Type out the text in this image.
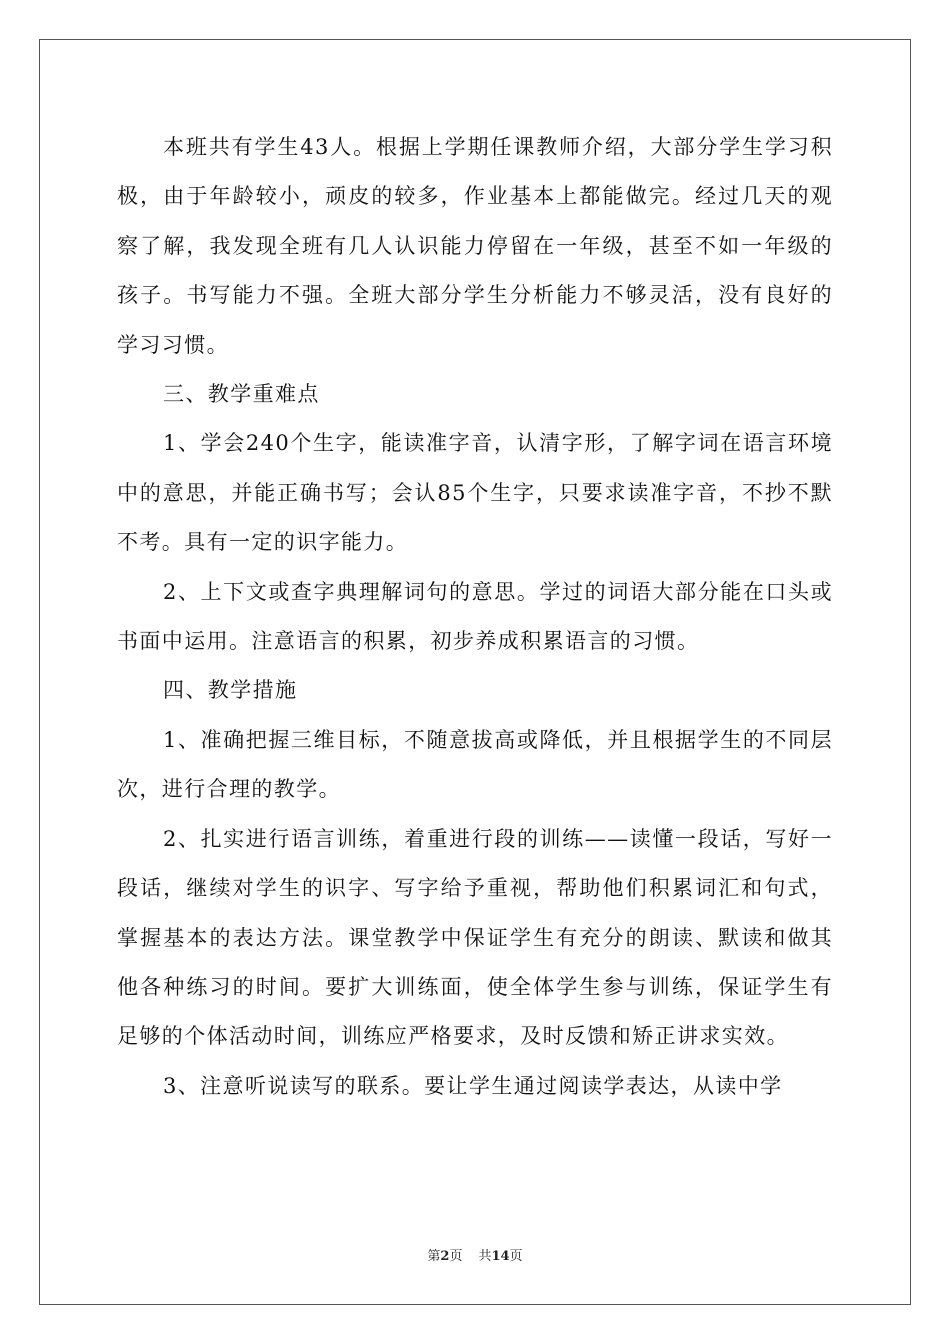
本班共有学生43人。根据上学期任课教师介绍，大部分学生学习积极，由于年龄较小，顽皮的较多，作业基本上都能做完。经过几天的观察了解，我发现全班有几人认识能力停留在一年级，甚至不如一年级的孩子。书写能力不强。全班大部分学生分析能力不够灵活，没有良好的学习习惯。

三、教学重难点

1、学会240个生字，能读准字音，认清字形，了解字词在语言环境中的意思，并能正确书写；会认85个生字，只要求读准字音，不抄不默不考。具有一定的识字能力。

2、上下文或查字典理解词句的意思。学过的词语大部分能在口头或书面中运用。注意语言的积累，初步养成积累语言的习惯。

四、教学措施

1、准确把握三维目标，不随意拔高或降低，并且根据学生的不同层次，进行合理的教学。

2、扎实进行语言训练，着重进行段的训练——读懂一段话，写好一段话，继续对学生的识字、写字给予重视，帮助他们积累词汇和句式，掌握基本的表达方法。课堂教学中保证学生有充分的朗读、默读和做其他各种练习的时间。要扩大训练面，使全体学生参与训练，保证学生有足够的个体活动时间，训练应严格要求，及时反馈和矫正讲求实效。

3、注意听说读写的联系。要让学生通过阅读学表达，从读中学

第2页 共14页
